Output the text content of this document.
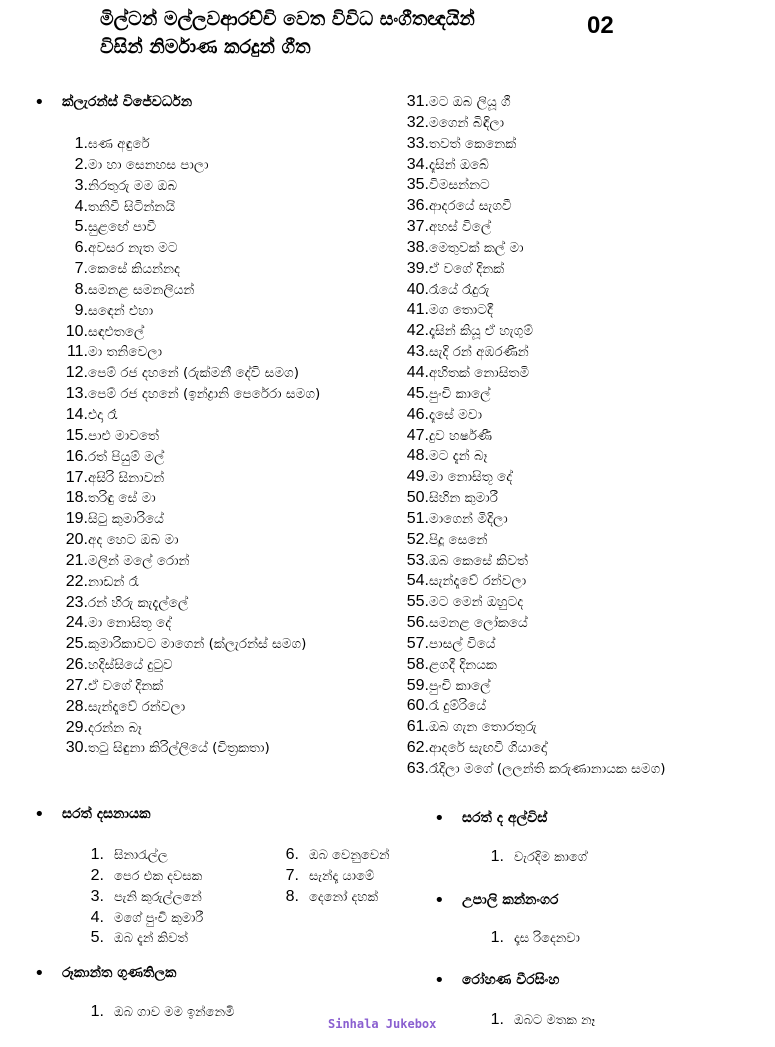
මිල්ටන් මල්ලවආරච්චි වෙත විවිධ සංගීතඥයින්
විසින් නිර්මාණ කරදුන් ගීත
02
• ක්ලැරන්ස් විජේවර්ධන
1.ඝණ අඳුරේ
2.මා හා සෙනහස පාලා
3.නිරතුරු මම ඔබ
4.තනිවී සිටින්නයි
5.සුළඟේ පාවී
6.අවසර නැත මට
7.කෙසේ කියන්නද
8.සමනළ සමනලියන්
9.සඳෙන් එහා
10.සඳළුතලේ
11.මා තනිවෙලා
12.පෙම් රජ දහනේ (රුක්මනී දේවි සමග)
13.පෙම් රජ දහනේ (ඉන්ද්‍රානි පෙරේරා සමග)
14.එදා රෑ
15.පාළු මාවතේ
16.රත් පියුම් මල්
17.අසිරි සිනාවන්
18.තරිඳු සේ මා
19.සිටු කුමාරියේ
20.අද හෙට ඔබ මා
21.මලින් මලේ රොන්
22.නාඩන් රෑ
23.රන් හිරු කැදැල්ලේ
24.මා නොසිතූ දේ
25.කුමාරිකාවට මාගෙන් (ක්ලැරන්ස් සමග)
26.හදිස්සියේ දුටුව
27.ඒ වගේ දිනක්
28.සැන්දෑවේ රන්වලා
29.දරන්න බෑ
30.තටු සිඳුනා කිරිල්ලියේ (චිත්‍රකතා)
31.මට ඔබ ලියූ ගී
32.මගෙන් බිඳිලා
33.තවත් කෙනෙක්
34.දෑසින් ඔබේ
35.විමසන්නට
36.ආදරයේ සැගවී
37.අහස් විලේ
38.මෙතුවක් කල් මා
39.ඒ වගේ දිනක්
40.රෑයේ රෑදුරු
41.මග තොටදී
42.දෑසින් කියූ ඒ හැගුම්
43.සැදි රන් අඹරණින්
44.අහිතක් නොසිතමි
45.පුංචි කාලේ
46.දෑසේ මවා
47.දුව හර්ෂණී
48.මට දැන් බෑ
49.මා නොසිතූ දේ
50.සිහින කුමාරී
51.මාගෙන් මිදිලා
52.පිදූ සෙනේ
53.ඔබ කෙසේ කිවත්
54.සැන්දෑවේ රන්වලා
55.මට මෙන් ඔහුටද
56.සමනළ ලෝකයේ
57.පාසල් වියේ
58.ළගදී දිනයක
59.පුංචි කාලේ
60.රෑ දුම්රියේ
61.ඔබ ගැන තොරතුරු
62.ආදරේ සැඟවී ගියාදෝ
63.රෑදිලා මගේ (ලලන්ති කරුණානායක සමග)
• සරත් දසනායක
1. සිනාරැල්ල
2. පෙර එක දවසක
3. පැනි කුරුල්ලනේ
4. මගේ පුංචි කුමාරී
5. ඔබ දැන් කිවත්
6. ඔබ වෙනුවෙන්
7. සැන්දෑ යාමේ
8. දෙනෝ දහක්
• රූකාන්ත ගුණතිලක
1. ඔබ ගාව මම ඉන්නෙමි
• සරත් ද අල්විස්
1. වැරදිම කාගේ
• උපාලි කන්නංගර
1. දෑස රිදෙනවා
• රෝහණ වීරසිංහ
1. ඔබට මතක නෑ
Sinhala Jukebox
